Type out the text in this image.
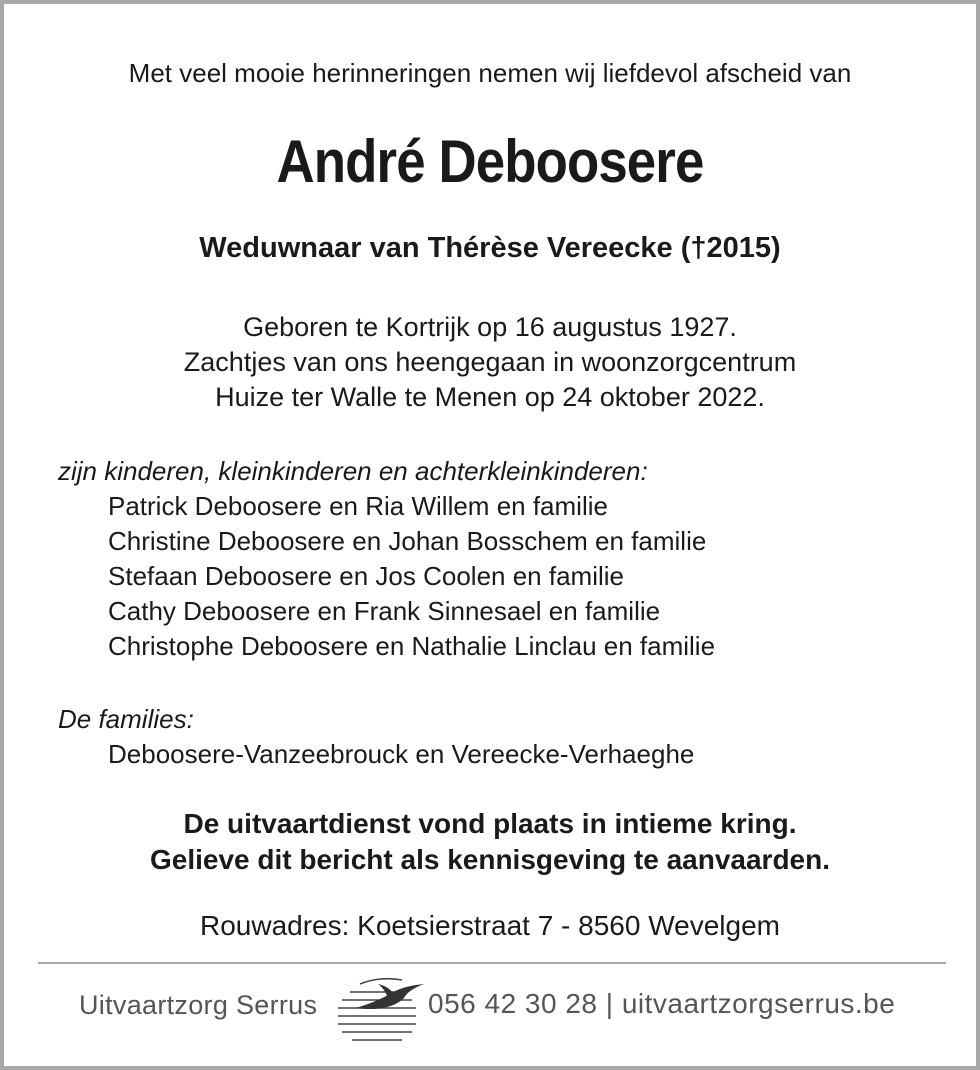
Met veel mooie herinneringen nemen wij liefdevol afscheid van
André Deboosere
Weduwnaar van Thérèse Vereecke (†2015)
Geboren te Kortrijk op 16 augustus 1927.
Zachtjes van ons heengegaan in woonzorgcentrum
Huize ter Walle te Menen op 24 oktober 2022.
zijn kinderen, kleinkinderen en achterkleinkinderen:
Patrick Deboosere en Ria Willem en familie
Christine Deboosere en Johan Bosschem en familie
Stefaan Deboosere en Jos Coolen en familie
Cathy Deboosere en Frank Sinnesael en familie
Christophe Deboosere en Nathalie Linclau en familie
De families:
Deboosere-Vanzeebrouck en Vereecke-Verhaeghe
De uitvaartdienst vond plaats in intieme kring.
Gelieve dit bericht als kennisgeving te aanvaarden.
Rouwadres: Koetsierstraat 7 - 8560 Wevelgem
Uitvaartzorg Serrus	056 42 30 28 | uitvaartzorgserrus.be
